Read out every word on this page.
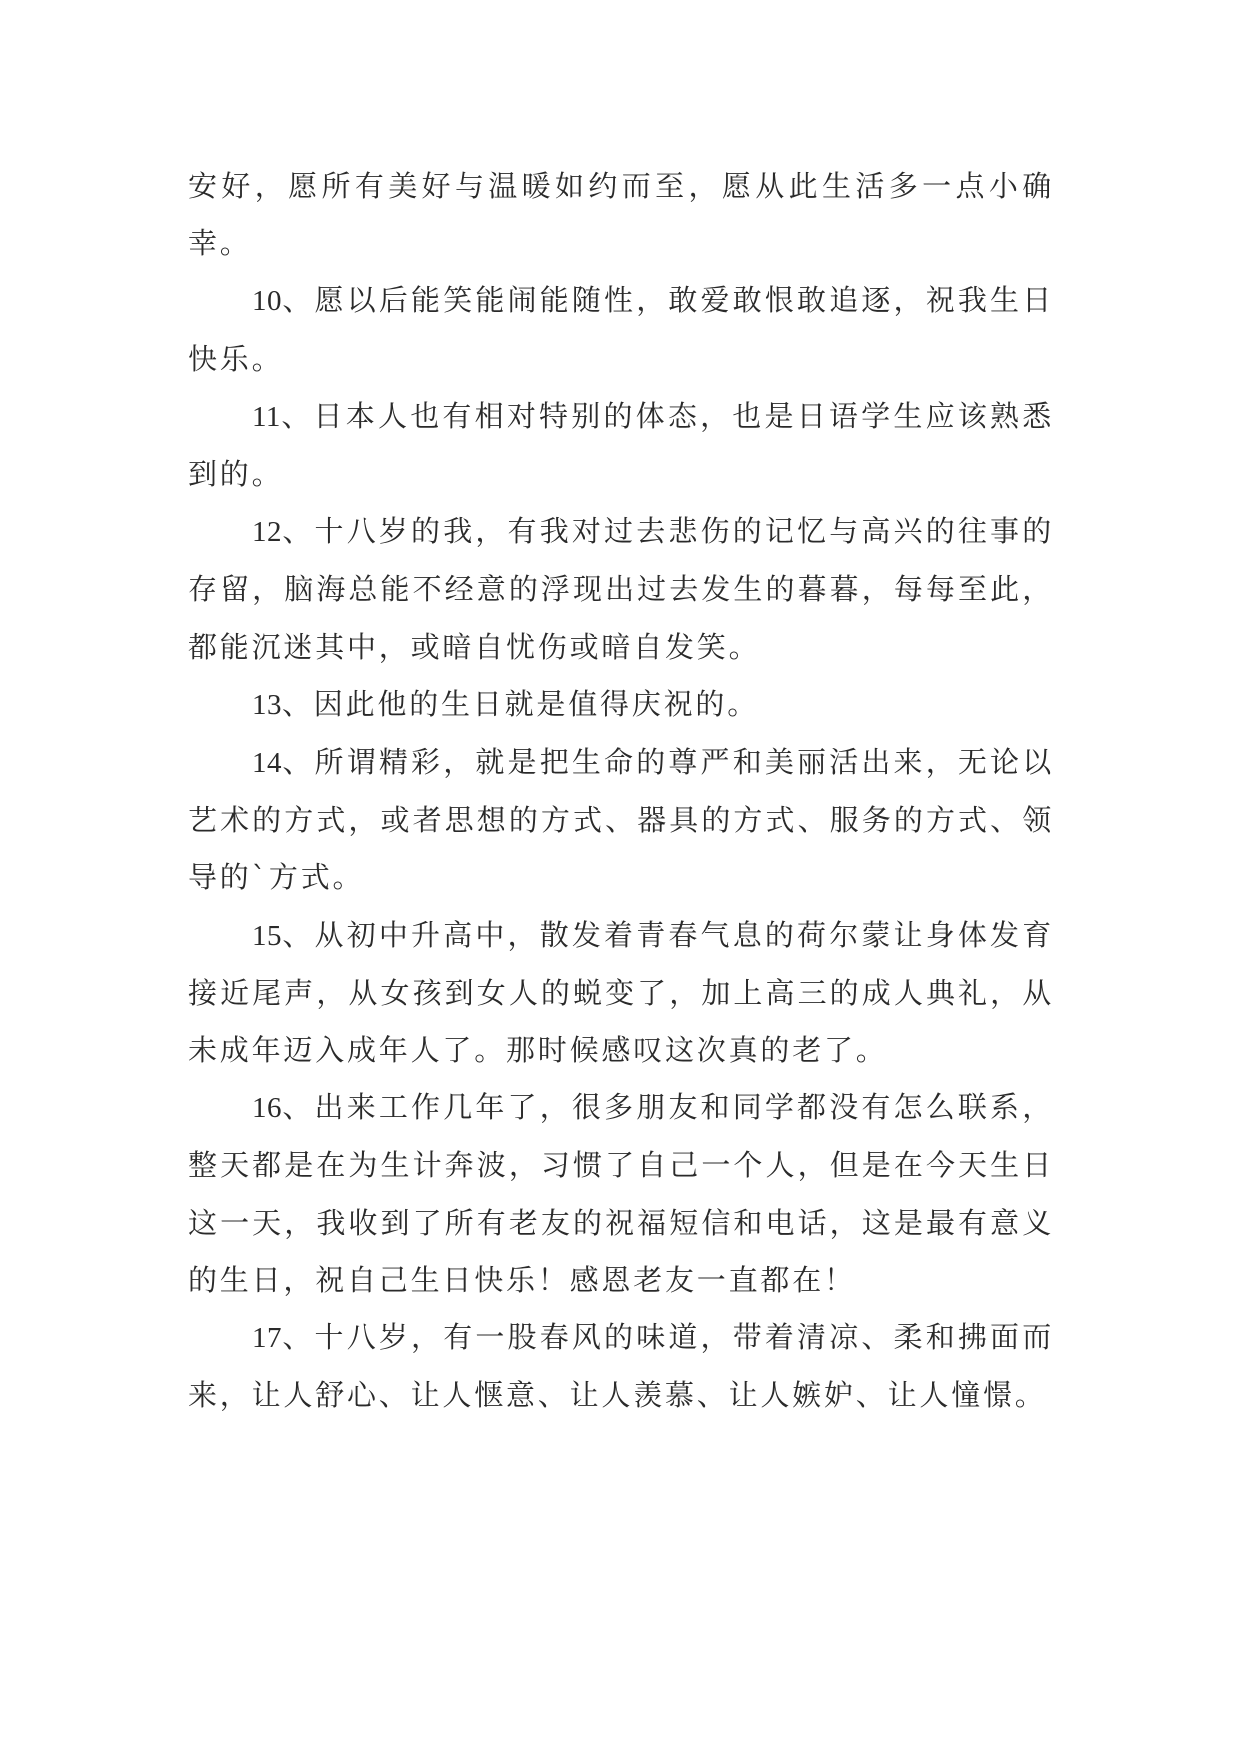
安好，愿所有美好与温暖如约而至，愿从此生活多一点小确幸。

10、愿以后能笑能闹能随性，敢爱敢恨敢追逐，祝我生日快乐。

11、日本人也有相对特别的体态，也是日语学生应该熟悉到的。

12、十八岁的我，有我对过去悲伤的记忆与高兴的往事的存留，脑海总能不经意的浮现出过去发生的暮暮，每每至此，都能沉迷其中，或暗自忧伤或暗自发笑。

13、因此他的生日就是值得庆祝的。

14、所谓精彩，就是把生命的尊严和美丽活出来，无论以艺术的方式，或者思想的方式、器具的方式、服务的方式、领导的`方式。

15、从初中升高中，散发着青春气息的荷尔蒙让身体发育接近尾声，从女孩到女人的蜕变了，加上高三的成人典礼，从未成年迈入成年人了。那时候感叹这次真的老了。

16、出来工作几年了，很多朋友和同学都没有怎么联系，整天都是在为生计奔波，习惯了自己一个人，但是在今天生日这一天，我收到了所有老友的祝福短信和电话，这是最有意义的生日，祝自己生日快乐！感恩老友一直都在！

17、十八岁，有一股春风的味道，带着清凉、柔和拂面而来，让人舒心、让人惬意、让人羡慕、让人嫉妒、让人憧憬。
